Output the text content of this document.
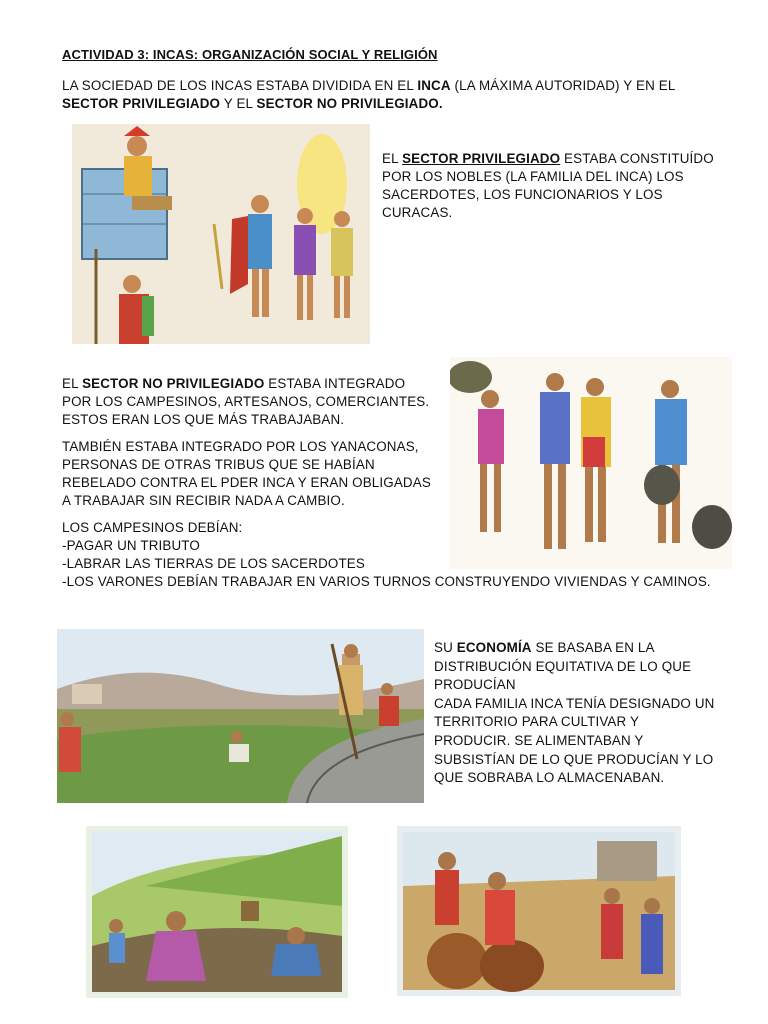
ACTIVIDAD 3: INCAS: ORGANIZACIÓN SOCIAL Y RELIGIÓN
LA SOCIEDAD DE LOS INCAS ESTABA DIVIDIDA EN EL INCA (LA MÁXIMA AUTORIDAD) Y EN EL
SECTOR PRIVILEGIADO Y EL SECTOR NO PRIVILEGIADO.
EL SECTOR PRIVILEGIADO ESTABA CONSTITUÍDO
POR LOS NOBLES (LA FAMILIA DEL INCA) LOS
SACERDOTES, LOS FUNCIONARIOS Y LOS
CURACAS.
EL SECTOR NO PRIVILEGIADO ESTABA INTEGRADO
POR LOS CAMPESINOS, ARTESANOS, COMERCIANTES.
ESTOS ERAN LOS QUE MÁS TRABAJABAN.
TAMBIÉN ESTABA INTEGRADO POR LOS YANACONAS,
PERSONAS DE OTRAS TRIBUS QUE SE HABÍAN
REBELADO CONTRA EL PDER INCA Y ERAN OBLIGADAS
A TRABAJAR SIN RECIBIR NADA A CAMBIO.
LOS CAMPESINOS DEBÍAN:
-PAGAR UN TRIBUTO
-LABRAR LAS TIERRAS DE LOS SACERDOTES
-LOS VARONES DEBÍAN TRABAJAR EN VARIOS TURNOS CONSTRUYENDO VIVIENDAS Y CAMINOS.
SU ECONOMÍA SE BASABA EN LA
DISTRIBUCIÓN EQUITATIVA DE LO QUE
PRODUCÍAN
CADA FAMILIA INCA TENÍA DESIGNADO UN
TERRITORIO PARA CULTIVAR Y
PRODUCIR. SE ALIMENTABAN Y
SUBSISTÍAN DE LO QUE PRODUCÍAN Y LO
QUE SOBRABA LO ALMACENABAN.
